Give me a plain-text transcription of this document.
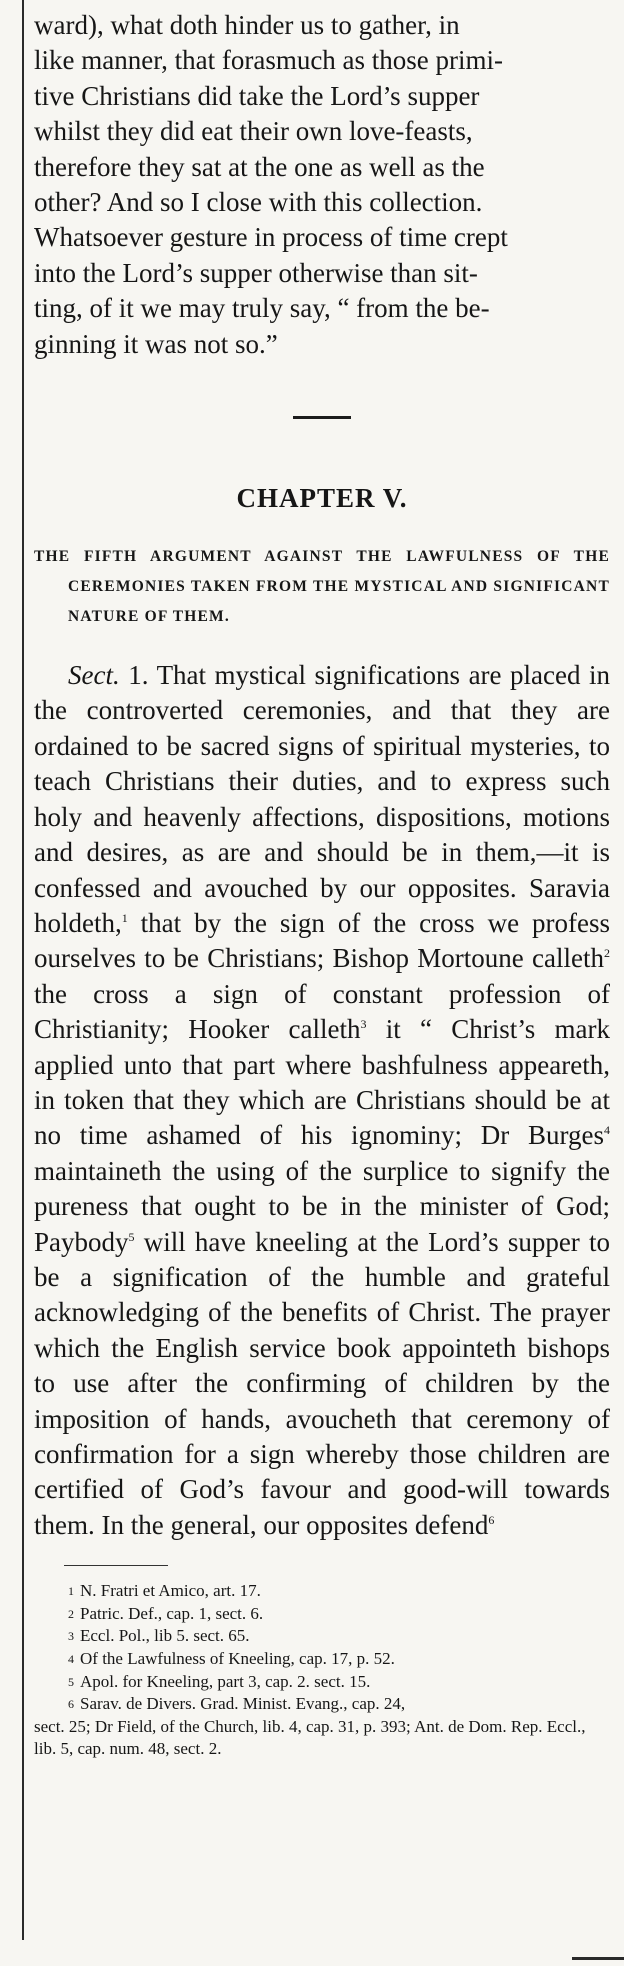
ward), what doth hinder us to gather, in

like manner, that forasmuch as those primi-

tive Christians did take the Lord’s supper

whilst they did eat their own love-feasts,

therefore they sat at the one as well as the

other? And so I close with this collection.

Whatsoever gesture in process of time crept

into the Lord’s supper otherwise than sit-

ting, of it we may truly say, “ from the be-

ginning it was not so.”

CHAPTER V.

THE FIFTH ARGUMENT AGAINST THE LAWFULNESS OF THE CEREMONIES TAKEN FROM THE MYSTICAL AND SIGNIFICANT NATURE OF THEM.

Sect. 1. That mystical significations are placed in the controverted ceremonies, and that they are ordained to be sacred signs of spiritual mysteries, to teach Christians their duties, and to express such holy and heavenly affections, dispositions, motions and desires, as are and should be in them,—it is confessed and avouched by our opposites. Saravia holdeth,$^1$ that by the sign of the cross we profess ourselves to be Christians; Bishop Mortoune calleth$^2$ the cross a sign of constant profession of Christianity; Hooker calleth$^3$ it “ Christ’s mark applied unto that part where bashfulness appeareth, in token that they which are Christians should be at no time ashamed of his ignominy; Dr Burges$^4$ maintaineth the using of the surplice to signify the pureness that ought to be in the minister of God; Paybody$^5$ will have kneeling at the Lord’s supper to be a signification of the humble and grateful acknowledging of the benefits of Christ. The prayer which the English service book appointeth bishops to use after the confirming of children by the imposition of hands, avoucheth that ceremony of confirmation for a sign whereby those children are certified of God’s favour and good-will towards them. In the general, our opposites defend$^6$

$^1$ N. Fratri et Amico, art. 17.
$^2$ Patric. Def., cap. 1, sect. 6.
$^3$ Eccl. Pol., lib 5. sect. 65.
$^4$ Of the Lawfulness of Kneeling, cap. 17, p. 52.
$^5$ Apol. for Kneeling, part 3, cap. 2. sect. 15.
$^6$ Sarav. de Divers. Grad. Minist. Evang., cap. 24,
sect. 25; Dr Field, of the Church, lib. 4, cap. 31, p. 393; Ant. de Dom. Rep. Eccl., lib. 5, cap. num. 48, sect. 2.
